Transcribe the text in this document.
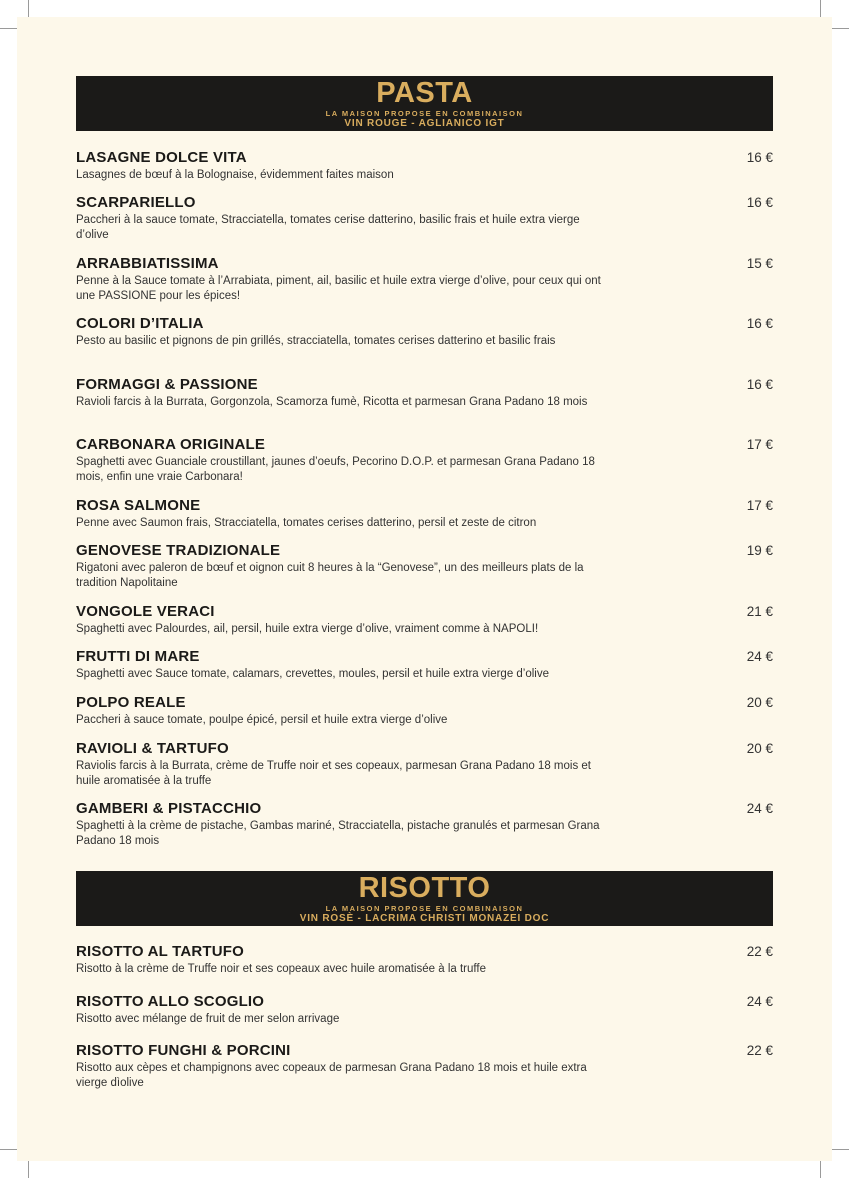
PASTA
LA MAISON PROPOSE EN COMBINAISON
VIN ROUGE - AGLIANICO IGT
LASAGNE DOLCE VITA
Lasagnes de bœuf à la Bolognaise, évidemment faites maison
16 €
SCARPARIELLO
Paccheri à la sauce tomate, Stracciatella, tomates cerise datterino, basilic frais et huile extra vierge d’olive
16 €
ARRABBIATISSIMA
Penne à la Sauce tomate à l’Arrabiata, piment, ail, basilic et huile extra vierge d’olive, pour ceux qui ont une PASSIONE pour les épices!
15 €
COLORI D’ITALIA
Pesto au basilic et pignons de pin grillés, stracciatella, tomates cerises datterino et basilic frais
16 €
FORMAGGI & PASSIONE
Ravioli farcis à la Burrata, Gorgonzola, Scamorza fumè, Ricotta et parmesan Grana Padano 18 mois
16 €
CARBONARA ORIGINALE
Spaghetti avec Guanciale croustillant, jaunes d’oeufs, Pecorino D.O.P. et parmesan Grana Padano 18 mois, enfin une vraie Carbonara!
17 €
ROSA SALMONE
Penne avec Saumon frais, Stracciatella, tomates cerises datterino, persil et zeste de citron
17 €
GENOVESE TRADIZIONALE
Rigatoni avec paleron de bœuf et oignon cuit 8 heures à la “Genovese”, un des meilleurs plats de la tradition Napolitaine
19 €
VONGOLE VERACI
Spaghetti avec Palourdes, ail, persil, huile extra vierge d’olive, vraiment comme à NAPOLI!
21 €
FRUTTI DI MARE
Spaghetti avec Sauce tomate, calamars, crevettes, moules, persil et huile extra vierge d’olive
24 €
POLPO REALE
Paccheri à sauce tomate, poulpe épicé, persil et huile extra vierge d’olive
20 €
RAVIOLI & TARTUFO
Raviolis farcis à la Burrata, crème de Truffe noir et ses copeaux, parmesan Grana Padano 18 mois et huile aromatisée à la truffe
20 €
GAMBERI & PISTACCHIO
Spaghetti à la crème de pistache, Gambas mariné, Stracciatella, pistache granulés et parmesan Grana Padano 18 mois
24 €
RISOTTO
LA MAISON PROPOSE EN COMBINAISON
VIN ROSÈ - LACRIMA CHRISTI MONAZEI DOC
RISOTTO AL TARTUFO
Risotto à la crème de Truffe noir et ses copeaux avec huile aromatisée à la truffe
22 €
RISOTTO ALLO SCOGLIO
Risotto avec mélange de fruit de mer selon arrivage
24 €
RISOTTO FUNGHI & PORCINI
Risotto aux cèpes et champignons avec copeaux de parmesan Grana Padano 18 mois et huile extra vierge dìolive
22 €
